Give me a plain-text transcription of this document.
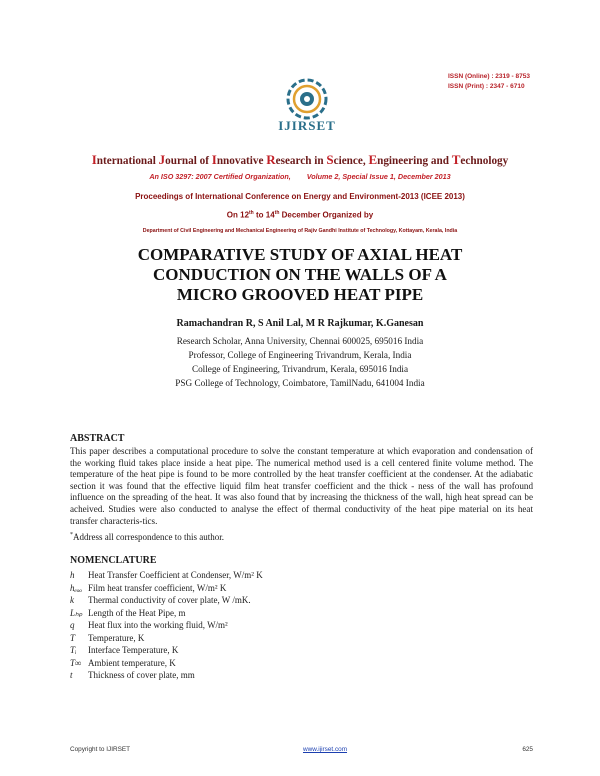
ISSN (Online) : 2319 - 8753
ISSN (Print) : 2347 - 6710
IJIRSET
International Journal of Innovative Research in Science, Engineering and Technology
An ISO 3297: 2007 Certified Organization,        Volume 2, Special Issue 1, December 2013
Proceedings of International Conference on Energy and Environment-2013 (ICEE 2013)
On 12th to 14th December Organized by
Department of Civil Engineering and Mechanical Engineering of Rajiv Gandhi Institute of Technology, Kottayam, Kerala, India
COMPARATIVE STUDY OF AXIAL HEAT CONDUCTION ON THE WALLS OF A MICRO GROOVED HEAT PIPE
Ramachandran R, S Anil Lal, M R Rajkumar, K.Ganesan
Research Scholar, Anna University, Chennai 600025, 695016 India
Professor, College of Engineering Trivandrum, Kerala, India
College of Engineering, Trivandrum, Kerala, 695016 India
PSG College of Technology, Coimbatore, TamilNadu, 641004 India
ABSTRACT
This paper describes a computational procedure to solve the constant temperature at which evaporation and condensation of the working fluid takes place inside a heat pipe. The numerical method used is a cell centered finite volume method. The temperature of the heat pipe is found to be more controlled by the heat transfer coefficient at the condenser. At the adiabatic section it was found that the effective liquid film heat transfer coefficient and the thick - ness of the wall has profound influence on the spreading of the heat. It was also found that by increasing the thickness of the wall, high heat spread can be acheived. Studies were also conducted to analyse the effect of thermal conductivity of the heat pipe material on its heat transfer characteris-tics.
*Address all correspondence to this author.
NOMENCLATURE
h Heat Transfer Coefficient at Condenser, W/m² K
hₑₒₒ Film heat transfer coefficient, W/m² K
k Thermal conductivity of cover plate, W /mK.
Lₕₚ Length of the Heat Pipe, m
q Heat flux into the working fluid, W/m²
T Temperature, K
Tᵢ Interface Temperature, K
T∞ Ambient temperature, K
t Thickness of cover plate, mm
Copyright to IJIRSET	www.ijirset.com	625
